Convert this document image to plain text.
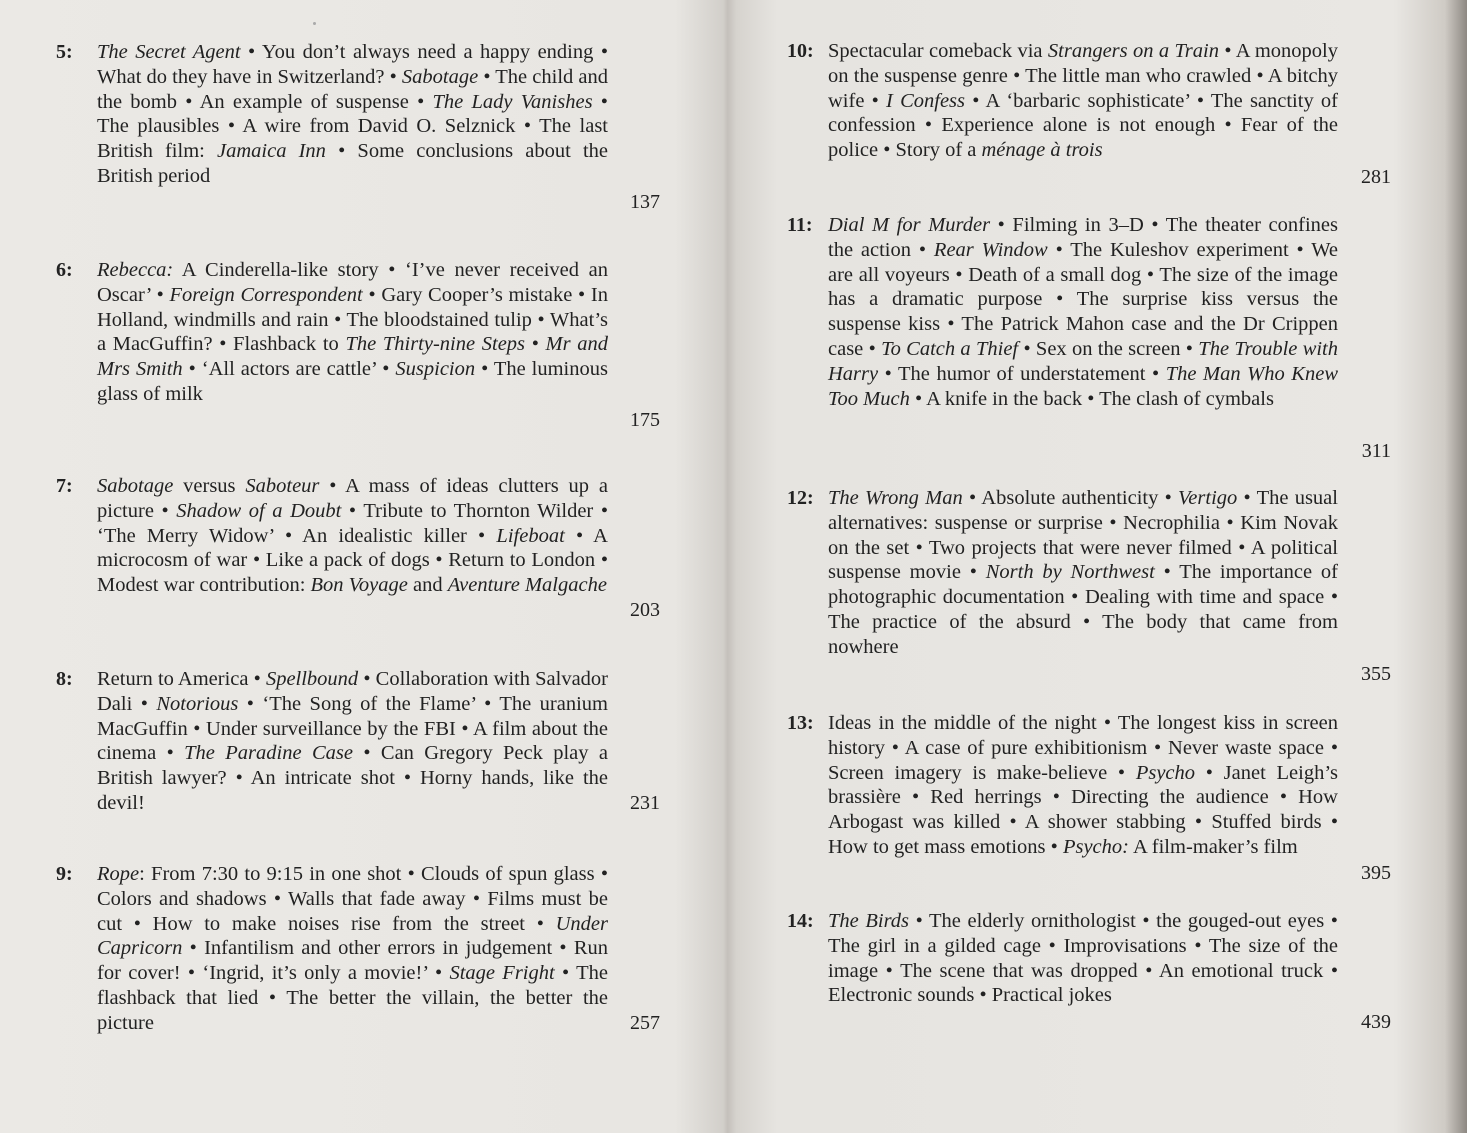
5: The Secret Agent • You don’t always need a happy ending • What do they have in Switzerland? • Sabotage • The child and the bomb • An example of suspense • The Lady Vanishes • The plausibles • A wire from David O. Selznick • The last British film: Jamaica Inn • Some conclusions about the British period
137
6: Rebecca: A Cinderella-like story • ‘I’ve never received an Oscar’ • Foreign Correspondent • Gary Cooper’s mistake • In Holland, windmills and rain • The bloodstained tulip • What’s a MacGuffin? • Flashback to The Thirty-nine Steps • Mr and Mrs Smith • ‘All actors are cattle’ • Suspicion • The luminous glass of milk
175
7: Sabotage versus Saboteur • A mass of ideas clutters up a picture • Shadow of a Doubt • Tribute to Thornton Wilder • ‘The Merry Widow’ • An idealistic killer • Lifeboat • A microcosm of war • Like a pack of dogs • Return to London • Modest war contribution: Bon Voyage and Aventure Malgache
203
8: Return to America • Spellbound • Collaboration with Salvador Dali • Notorious • ‘The Song of the Flame’ • The uranium MacGuffin • Under surveillance by the FBI • A film about the cinema • The Paradine Case • Can Gregory Peck play a British lawyer? • An intricate shot • Horny hands, like the devil!	231
9: Rope: From 7:30 to 9:15 in one shot • Clouds of spun glass • Colors and shadows • Walls that fade away • Films must be cut • How to make noises rise from the street • Under Capricorn • Infantilism and other errors in judgement • Run for cover! • ‘Ingrid, it’s only a movie!’ • Stage Fright • The flashback that lied • The better the villain, the better the picture	257
10: Spectacular comeback via Strangers on a Train • A monopoly on the suspense genre • The little man who crawled • A bitchy wife • I Confess • A ‘barbaric sophisticate’ • The sanctity of confession • Experience alone is not enough • Fear of the police • Story of a ménage à trois
281
11: Dial M for Murder • Filming in 3–D • The theater confines the action • Rear Window • The Kuleshov experiment • We are all voyeurs • Death of a small dog • The size of the image has a dramatic purpose • The surprise kiss versus the suspense kiss • The Patrick Mahon case and the Dr Crippen case • To Catch a Thief • Sex on the screen • The Trouble with Harry • The humor of understatement • The Man Who Knew Too Much • A knife in the back • The clash of cymbals
311
12: The Wrong Man • Absolute authenticity • Vertigo • The usual alternatives: suspense or surprise • Necrophilia • Kim Novak on the set • Two projects that were never filmed • A political suspense movie • North by Northwest • The importance of photographic documentation • Dealing with time and space • The practice of the absurd • The body that came from nowhere
355
13: Ideas in the middle of the night • The longest kiss in screen history • A case of pure exhibitionism • Never waste space • Screen imagery is make-believe • Psycho • Janet Leigh’s brassière • Red herrings • Directing the audience • How Arbogast was killed • A shower stabbing • Stuffed birds • How to get mass emotions • Psycho: A film-maker’s film
395
14: The Birds • The elderly ornithologist • the gouged-out eyes • The girl in a gilded cage • Improvisations • The size of the image • The scene that was dropped • An emotional truck • Electronic sounds • Practical jokes
439
